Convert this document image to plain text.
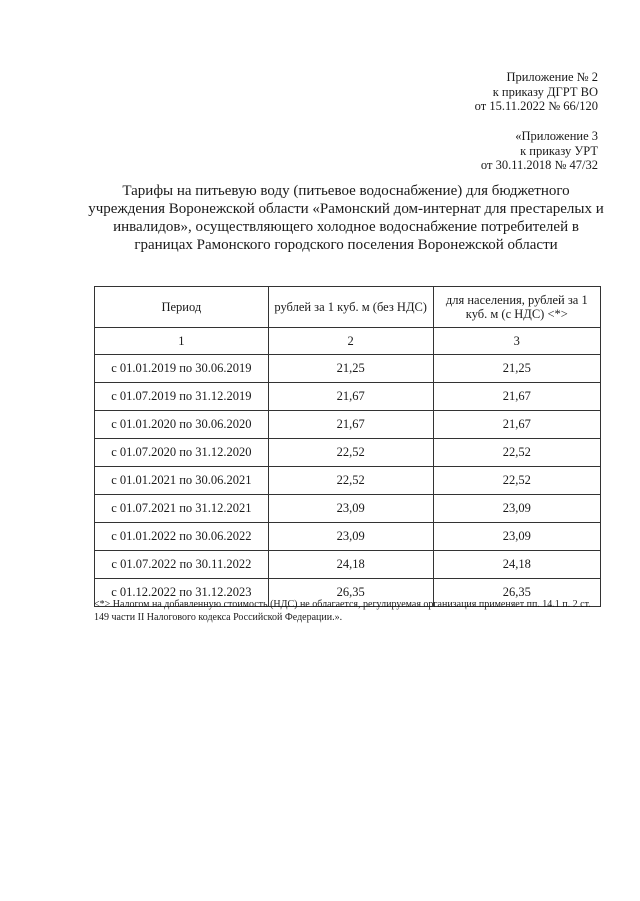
Приложение № 2
к приказу ДГРТ ВО
от 15.11.2022 № 66/120
«Приложение 3
к приказу УРТ
от 30.11.2018 № 47/32
Тарифы на питьевую воду (питьевое водоснабжение) для бюджетного учреждения Воронежской области «Рамонский дом-интернат для престарелых и инвалидов», осуществляющего холодное водоснабжение потребителей в границах Рамонского городского поселения Воронежской области
Период	рублей за 1 куб. м (без НДС)	для населения, рублей за 1 куб. м (с НДС) <*>
1	2	3
с 01.01.2019 по 30.06.2019	21,25	21,25
с 01.07.2019 по 31.12.2019	21,67	21,67
с 01.01.2020 по 30.06.2020	21,67	21,67
с 01.07.2020 по 31.12.2020	22,52	22,52
с 01.01.2021 по 30.06.2021	22,52	22,52
с 01.07.2021 по 31.12.2021	23,09	23,09
с 01.01.2022 по 30.06.2022	23,09	23,09
с 01.07.2022 по 30.11.2022	24,18	24,18
с 01.12.2022 по 31.12.2023	26,35	26,35
<*> Налогом на добавленную стоимость (НДС) не облагается, регулируемая организация применяет пп. 14.1 п. 2 ст. 149 части II Налогового кодекса Российской Федерации.».
